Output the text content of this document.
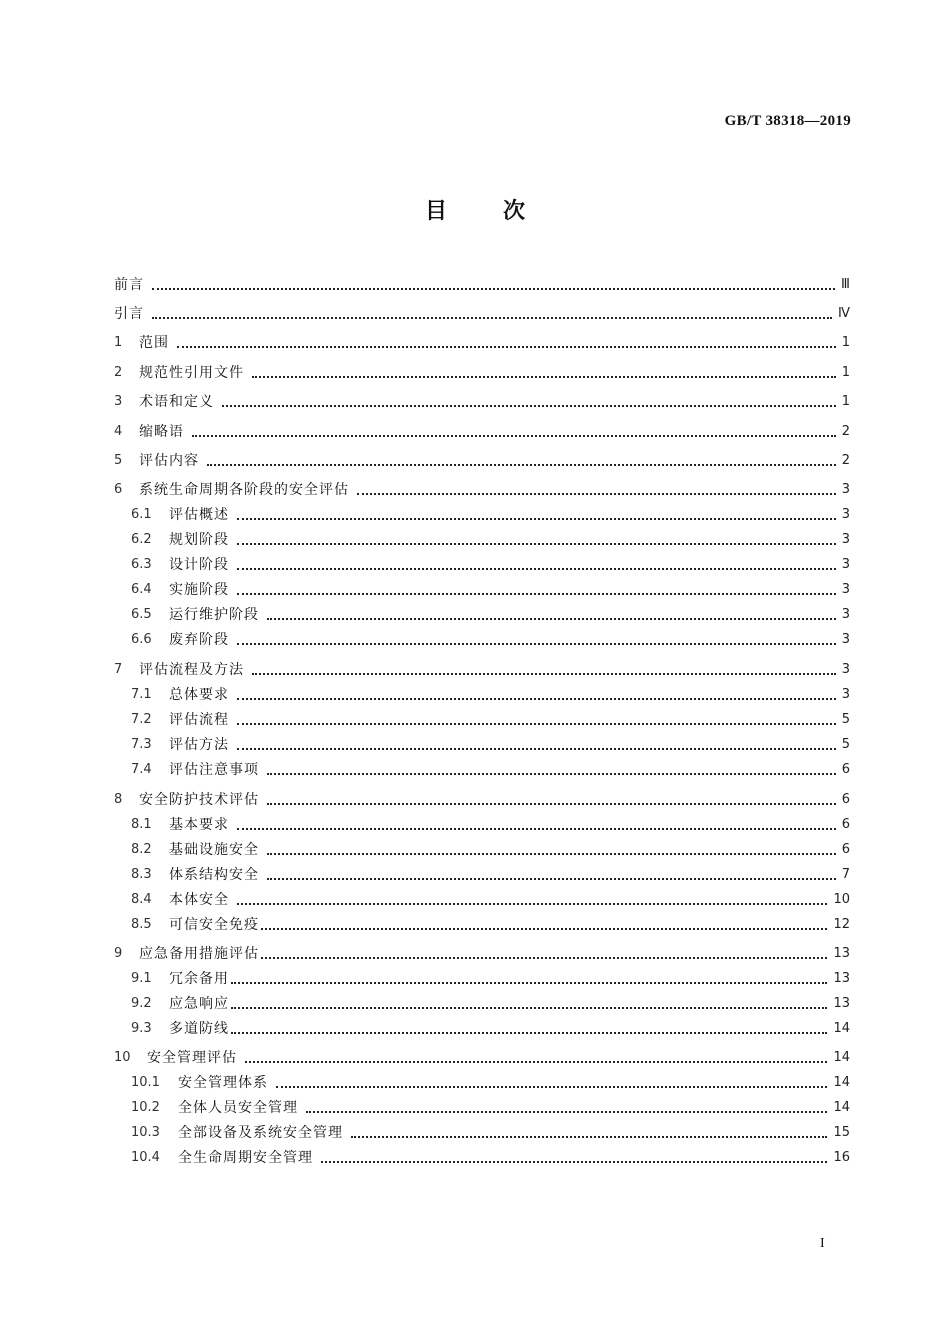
GB/T 38318—2019
目	次
前言	Ⅲ
引言	Ⅳ
1	范围	1
2	规范性引用文件	1
3	术语和定义	1
4	缩略语	2
5	评估内容	2
6	系统生命周期各阶段的安全评估	3
6.1	评估概述	3
6.2	规划阶段	3
6.3	设计阶段	3
6.4	实施阶段	3
6.5	运行维护阶段	3
6.6	废弃阶段	3
7	评估流程及方法	3
7.1	总体要求	3
7.2	评估流程	5
7.3	评估方法	5
7.4	评估注意事项	6
8	安全防护技术评估	6
8.1	基本要求	6
8.2	基础设施安全	6
8.3	体系结构安全	7
8.4	本体安全	10
8.5	可信安全免疫	12
9	应急备用措施评估	13
9.1	冗余备用	13
9.2	应急响应	13
9.3	多道防线	14
10	安全管理评估	14
10.1	安全管理体系	14
10.2	全体人员安全管理	14
10.3	全部设备及系统安全管理	15
10.4	全生命周期安全管理	16
I
